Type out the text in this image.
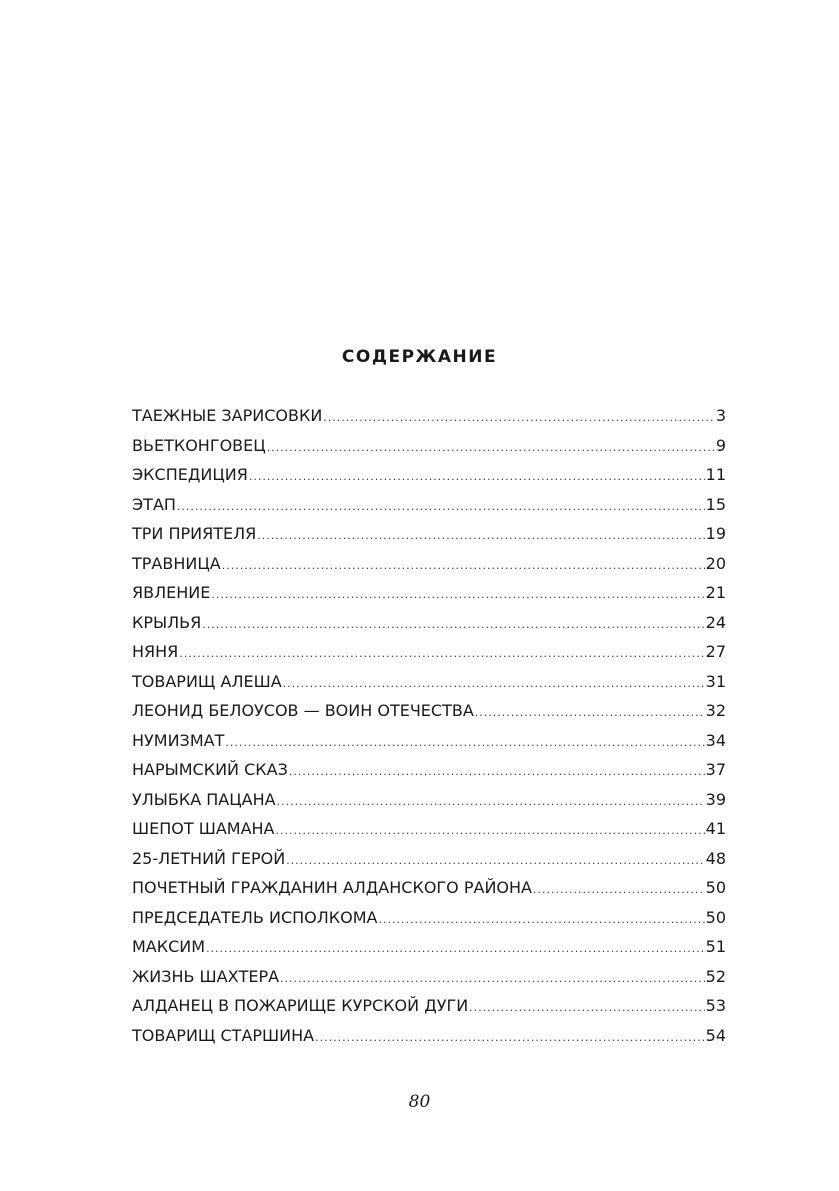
СОДЕРЖАНИЕ
ТАЕЖНЫЕ ЗАРИСОВКИ .....	3
ВЬЕТКОНГОВЕЦ .....	9
ЭКСПЕДИЦИЯ .....	11
ЭТАП .....	15
ТРИ ПРИЯТЕЛЯ .....	19
ТРАВНИЦА .....	20
ЯВЛЕНИЕ .....	21
КРЫЛЬЯ .....	24
НЯНЯ .....	27
ТОВАРИЩ АЛЕША .....	31
ЛЕОНИД БЕЛОУСОВ — ВОИН ОТЕЧЕСТВА .....	32
НУМИЗМАТ .....	34
НАРЫМСКИЙ СКАЗ .....	37
УЛЫБКА ПАЦАНА .....	39
ШЕПОТ ШАМАНА .....	41
25-ЛЕТНИЙ ГЕРОЙ .....	48
ПОЧЕТНЫЙ ГРАЖДАНИН АЛДАНСКОГО РАЙОНА .....	50
ПРЕДСЕДАТЕЛЬ ИСПОЛКОМА .....	50
МАКСИМ .....	51
ЖИЗНЬ ШАХТЕРА .....	52
АЛДАНЕЦ В ПОЖАРИЩЕ КУРСКОЙ ДУГИ .....	53
ТОВАРИЩ СТАРШИНА .....	54
80
